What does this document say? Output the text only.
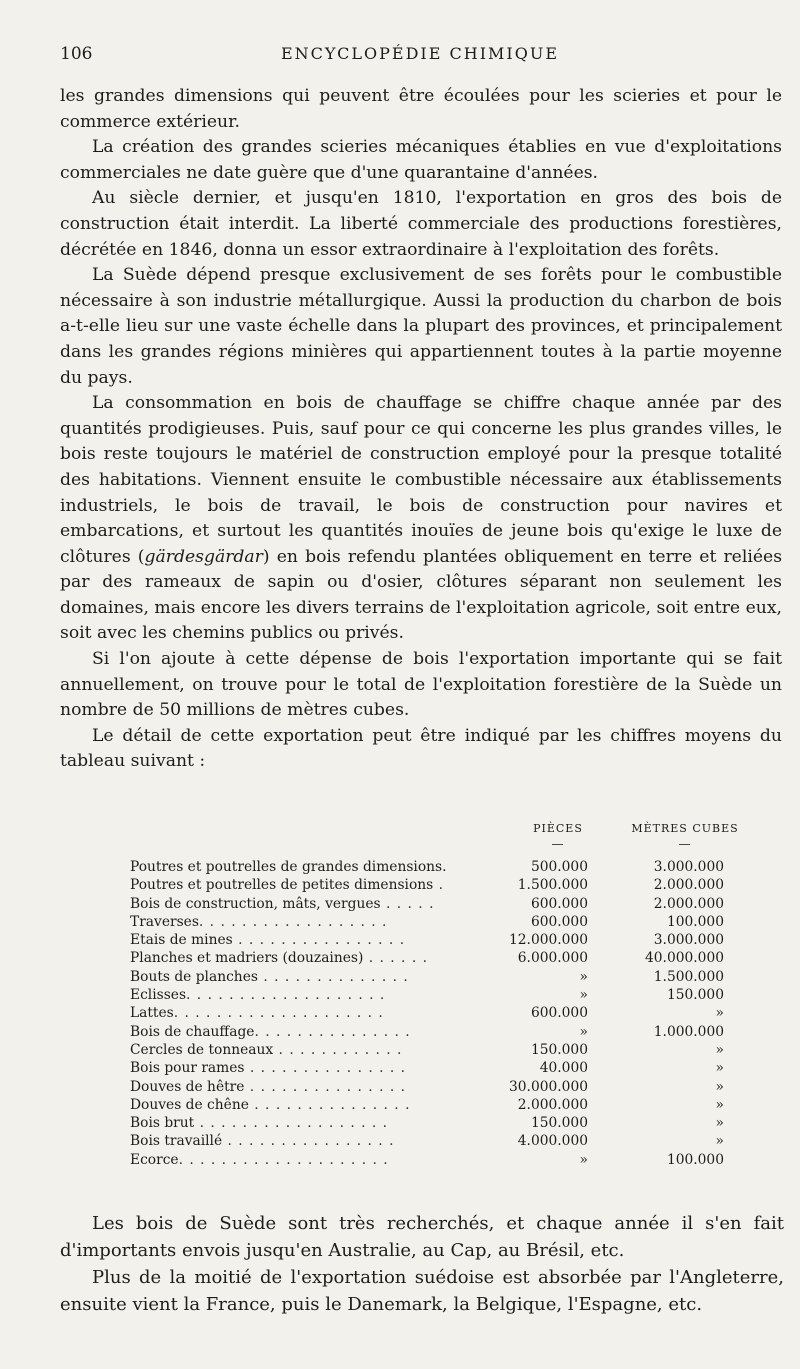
106	ENCYCLOPÉDIE CHIMIQUE

les grandes dimensions qui peuvent être écoulées pour les scieries et pour le commerce extérieur.

La création des grandes scieries mécaniques établies en vue d'exploitations commerciales ne date guère que d'une quarantaine d'années.

Au siècle dernier, et jusqu'en 1810, l'exportation en gros des bois de construction était interdit. La liberté commerciale des productions forestières, décrétée en 1846, donna un essor extraordinaire à l'exploitation des forêts.

La Suède dépend presque exclusivement de ses forêts pour le combustible nécessaire à son industrie métallurgique. Aussi la production du charbon de bois a-t-elle lieu sur une vaste échelle dans la plupart des provinces, et principalement dans les grandes régions minières qui appartiennent toutes à la partie moyenne du pays.

La consommation en bois de chauffage se chiffre chaque année par des quantités prodigieuses. Puis, sauf pour ce qui concerne les plus grandes villes, le bois reste toujours le matériel de construction employé pour la presque totalité des habitations. Viennent ensuite le combustible nécessaire aux établissements industriels, le bois de travail, le bois de construction pour navires et embarcations, et surtout les quantités inouïes de jeune bois qu'exige le luxe de clôtures (gärdesgärdar) en bois refendu plantées obliquement en terre et reliées par des rameaux de sapin ou d'osier, clôtures séparant non seulement les domaines, mais encore les divers terrains de l'exploitation agricole, soit entre eux, soit avec les chemins publics ou privés.

Si l'on ajoute à cette dépense de bois l'exportation importante qui se fait annuellement, on trouve pour le total de l'exploitation forestière de la Suède un nombre de 50 millions de mètres cubes.

Le détail de cette exportation peut être indiqué par les chiffres moyens du tableau suivant :

PIÈCES
—
MÈTRES CUBES
—
Poutres et poutrelles de grandes dimensions.	500.000	3.000.000
Poutres et poutrelles de petites dimensions .	1.500.000	2.000.000
Bois de construction, mâts, vergues . . . . .	600.000	2.000.000
Traverses. . . . . . . . . . . . . . . . . .	600.000	100.000
Etais de mines . . . . . . . . . . . . . . . .	12.000.000	3.000.000
Planches et madriers (douzaines) . . . . . .	6.000.000	40.000.000
Bouts de planches . . . . . . . . . . . . . .	»	1.500.000
Eclisses. . . . . . . . . . . . . . . . . . .	»	150.000
Lattes. . . . . . . . . . . . . . . . . . . .	600.000	»
Bois de chauffage. . . . . . . . . . . . . . .	»	1.000.000
Cercles de tonneaux . . . . . . . . . . . .	150.000	»
Bois pour rames . . . . . . . . . . . . . . .	40.000	»
Douves de hêtre . . . . . . . . . . . . . . .	30.000.000	»
Douves de chêne . . . . . . . . . . . . . . .	2.000.000	»
Bois brut . . . . . . . . . . . . . . . . . .	150.000	»
Bois travaillé . . . . . . . . . . . . . . . .	4.000.000	»
Ecorce. . . . . . . . . . . . . . . . . . . .	»	100.000

Les bois de Suède sont très recherchés, et chaque année il s'en fait d'importants envois jusqu'en Australie, au Cap, au Brésil, etc.

Plus de la moitié de l'exportation suédoise est absorbée par l'Angleterre, ensuite vient la France, puis le Danemark, la Belgique, l'Espagne, etc.
